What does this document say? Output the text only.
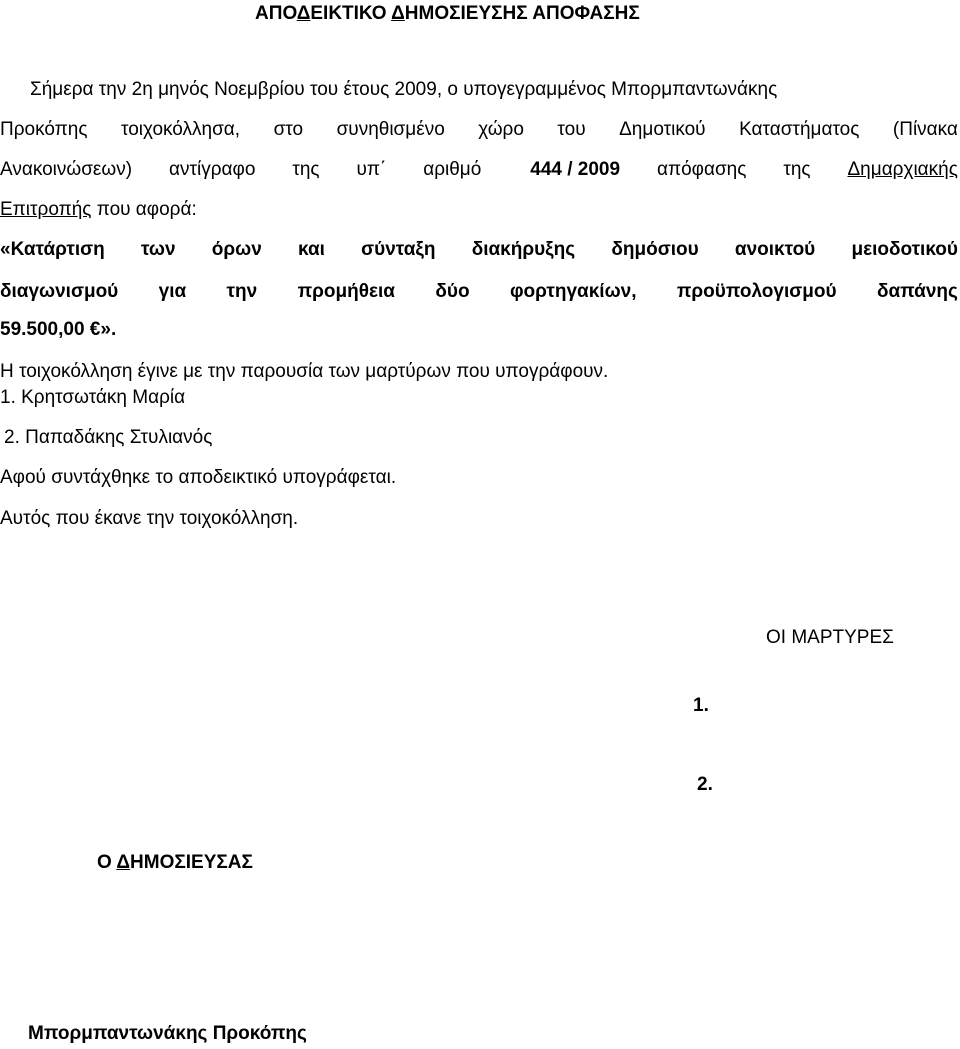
ΑΠΟΔΕΙΚΤΙΚΟ ΔΗΜΟΣΙΕΥΣΗΣ ΑΠΟΦΑΣΗΣ
Σήμερα την 2η μηνός Νοεμβρίου του έτους 2009, ο υπογεγραμμένος Μπορμπαντωνάκης
Προκόπης τοιχοκόλλησα, στο συνηθισμένο χώρο του Δημοτικού Καταστήματος (Πίνακα
Ανακοινώσεων) αντίγραφο της υπ΄ αριθμό	444 / 2009 απόφασης της Δημαρχιακής
Επιτροπής που αφορά:
«Κατάρτιση των όρων και σύνταξη διακήρυξης δημόσιου ανοικτού μειοδοτικού
διαγωνισμού για την προμήθεια δύο φορτηγακίων, προϋπολογισμού δαπάνης
59.500,00 €».
Η τοιχοκόλληση έγινε με την παρουσία των μαρτύρων που υπογράφουν.
1. Κρητσωτάκη Μαρία
2. Παπαδάκης Στυλιανός
Αφού συντάχθηκε το αποδεικτικό υπογράφεται.
Αυτός που έκανε την τοιχοκόλληση.
ΟΙ ΜΑΡΤΥΡΕΣ
1.
2.
Ο ΔΗΜΟΣΙΕΥΣΑΣ
Μπορμπαντωνάκης Προκόπης
